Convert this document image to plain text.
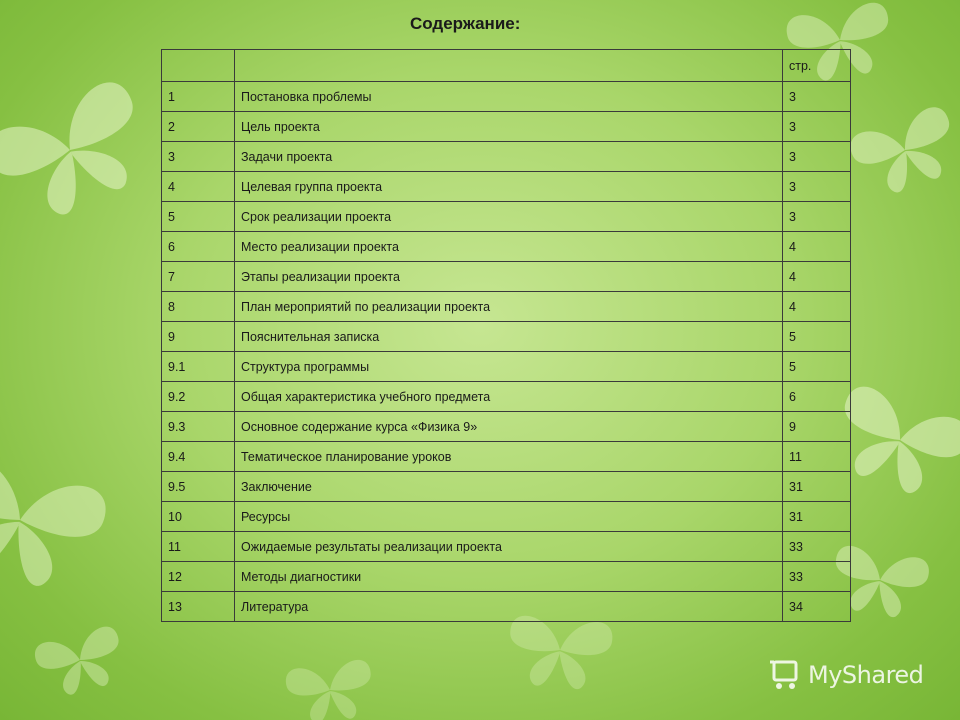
Содержание:
		стр.
1	Постановка проблемы	3
2	Цель проекта	3
3	Задачи проекта	3
4	Целевая группа проекта	3
5	Срок реализации проекта	3
6	Место реализации проекта	4
7	Этапы реализации проекта	4
8	План мероприятий по реализации проекта	4
9	Пояснительная записка	5
9.1	Структура программы	5
9.2	Общая характеристика учебного предмета	6
9.3	Основное содержание курса «Физика 9»	9
9.4	Тематическое планирование уроков	11
9.5	Заключение	31
10	Ресурсы	31
11	Ожидаемые результаты реализации проекта	33
12	Методы диагностики	33
13	Литература	34
MyShared
